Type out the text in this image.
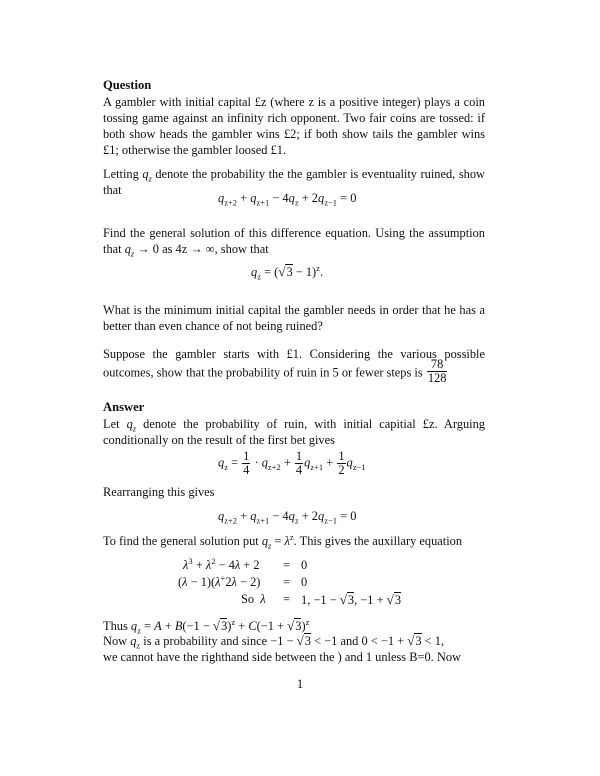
Question

A gambler with initial capital £z (where z is a positive integer) plays a coin tossing game against an infinity rich opponent. Two fair coins are tossed: if both show heads the gambler wins £2; if both show tails the gambler wins £1; otherwise the gambler loosed £1.

Letting $q_z$ denote the probability the the gambler is eventuality ruined, show that

$q_{z+2} + q_{z+1} - 4q_z + 2q_{z-1} = 0$

Find the general solution of this difference equation. Using the assumption that $q_z \to 0$ as 4z → ∞, show that

$q_z = (√3 - 1)^z$.

What is the minimum initial capital the gambler needs in order that he has a better than even chance of not being ruined?

Suppose the gambler starts with £1. Considering the various possible outcomes, show that the probability of ruin in 5 or fewer steps is $\frac{78}{128}$

Answer

Let $q_z$ denote the probability of ruin, with initial capitial £z. Arguing conditionally on the result of the first bet gives

$q_z = \frac{1}{4} \cdot q_{z+2} + \frac{1}{4} q_{z+1} + \frac{1}{2} q_{z-1}$

Rearranging this gives

$q_{z+2} + q_{z+1} - 4q_z + 2q_{z-1} = 0$

To find the general solution put $q_z = \lambda^z$. This gives the auxillary equation

$\lambda^3 + \lambda^2 - 4\lambda + 2 = 0$
(λ − 1)(λ+2λ − 2) = 0
So λ = 1, −1 − √3, −1 + √3

Thus $q_z = A + B(-1 - √3)^z + C(-1 + √3)^z$

Now $q_z$ is a probability and since −1 − √3 < −1 and 0 < −1 + √3 < 1,

we cannot have the righthand side between the ) and 1 unless B=0. Now

1
